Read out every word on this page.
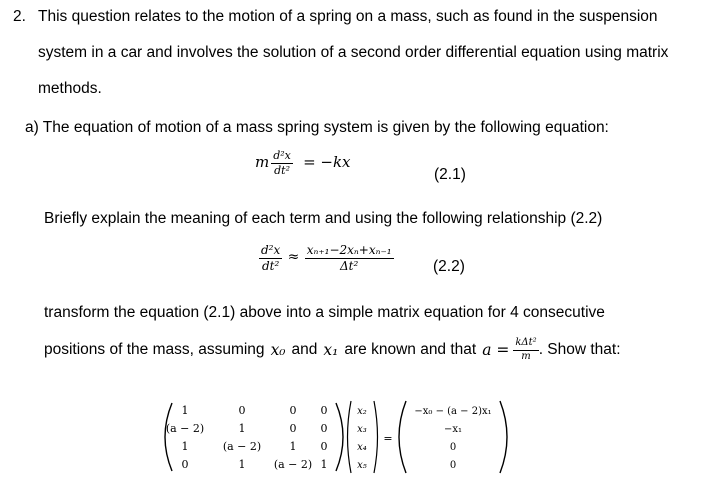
2. This question relates to the motion of a spring on a mass, such as found in the suspension
system in a car and involves the solution of a second order differential equation using matrix
methods.
a) The equation of motion of a mass spring system is given by the following equation:
m $\frac{\text{d²x}}{\text{dt²}} = -kx$
(2.1)
Briefly explain the meaning of each term and using the following relationship (2.2)
$\frac{\text{d²x}}{\text{dt²}} \approx \frac{\text{xₙ₊₁−2xₙ+xₙ₋₁}}{\text{Δt²}}$	(2.2)
transform the equation (2.1) above into a simple matrix equation for 4 consecutive
positions of the mass, assuming x₀ and x₁ are known and that $a = \frac{\text{kΔt²}}{m}$ . Show that:
1	0	0 0
(a − 2)	1	0 0
1	(a − 2)	1 0
0	1	(a − 2) 1
x₂
x₃
x₄
x₅
=
−x₀ − (a − 2)x₁
−x₁
0
0
